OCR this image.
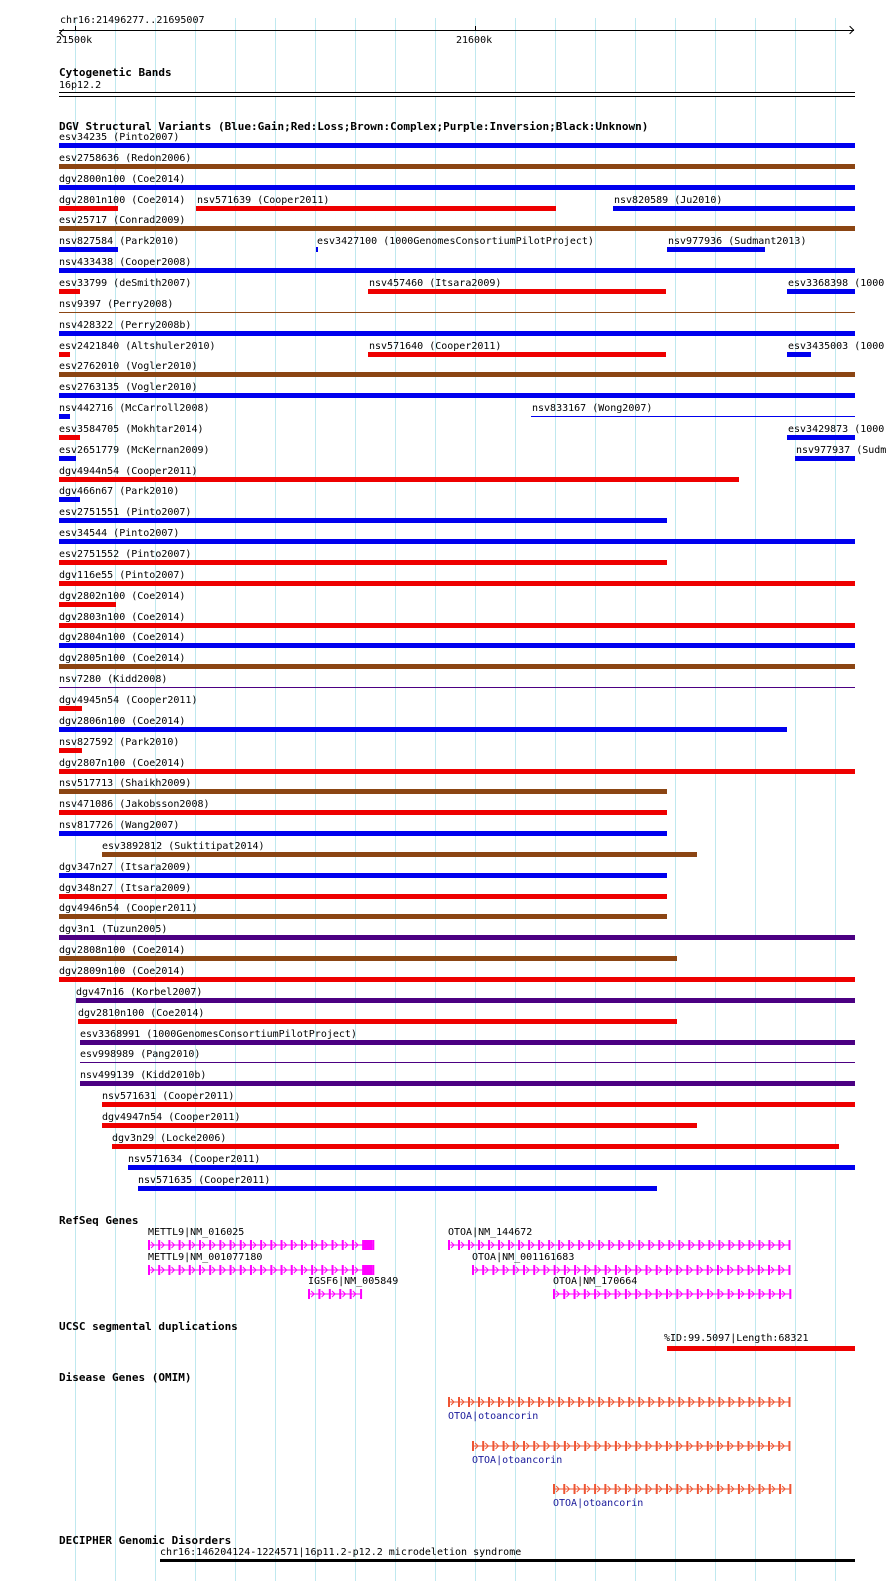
chr16:21496277..21695007
21500k	21600k
Cytogenetic Bands
16p12.2
DGV Structural Variants (Blue:Gain;Red:Loss;Brown:Complex;Purple:Inversion;Black:Unknown)
esv34235 (Pinto2007)
esv2758636 (Redon2006)
dgv2800n100 (Coe2014)
dgv2801n100 (Coe2014) nsv571639 (Cooper2011)	nsv820589 (Ju2010)
esv25717 (Conrad2009)
nsv827584 (Park2010)	esv3427100 (1000GenomesConsortiumPilotProject)	nsv977936 (Sudmant2013)
nsv433438 (Cooper2008)
esv33799 (deSmith2007)	nsv457460 (Itsara2009)	esv3368398 (1000
nsv9397 (Perry2008)
nsv428322 (Perry2008b)
esv2421840 (Altshuler2010)	nsv571640 (Cooper2011)	esv3435003 (1000
esv2762010 (Vogler2010)
esv2763135 (Vogler2010)
nsv442716 (McCarroll2008)	nsv833167 (Wong2007)
esv3584705 (Mokhtar2014)	esv3429873 (1000
esv2651779 (McKernan2009)	nsv977937 (Sudm
dgv4944n54 (Cooper2011)
dgv466n67 (Park2010)
esv2751551 (Pinto2007)
esv34544 (Pinto2007)
esv2751552 (Pinto2007)
dgv116e55 (Pinto2007)
dgv2802n100 (Coe2014)
dgv2803n100 (Coe2014)
dgv2804n100 (Coe2014)
dgv2805n100 (Coe2014)
nsv7280 (Kidd2008)
dgv4945n54 (Cooper2011)
dgv2806n100 (Coe2014)
nsv827592 (Park2010)
dgv2807n100 (Coe2014)
nsv517713 (Shaikh2009)
nsv471086 (Jakobsson2008)
nsv817726 (Wang2007)
esv3892812 (Suktitipat2014)
dgv347n27 (Itsara2009)
dgv348n27 (Itsara2009)
dgv4946n54 (Cooper2011)
dgv3n1 (Tuzun2005)
dgv2808n100 (Coe2014)
dgv2809n100 (Coe2014)
dgv47n16 (Korbel2007)
dgv2810n100 (Coe2014)
esv3368991 (1000GenomesConsortiumPilotProject)
esv998989 (Pang2010)
nsv499139 (Kidd2010b)
nsv571631 (Cooper2011)
dgv4947n54 (Cooper2011)
dgv3n29 (Locke2006)
nsv571634 (Cooper2011)
nsv571635 (Cooper2011)
RefSeq Genes
METTL9|NM_016025
METTL9|NM_001077180
IGSF6|NM_005849
OTOA|NM_144672
OTOA|NM_001161683
OTOA|NM_170664
UCSC segmental duplications
%ID:99.5097|Length:68321
Disease Genes (OMIM)
OTOA|otoancorin
OTOA|otoancorin
OTOA|otoancorin
DECIPHER Genomic Disorders
chr16:14620412​4-1224571|16p11.2-p12.2 microdeletion syndrome
